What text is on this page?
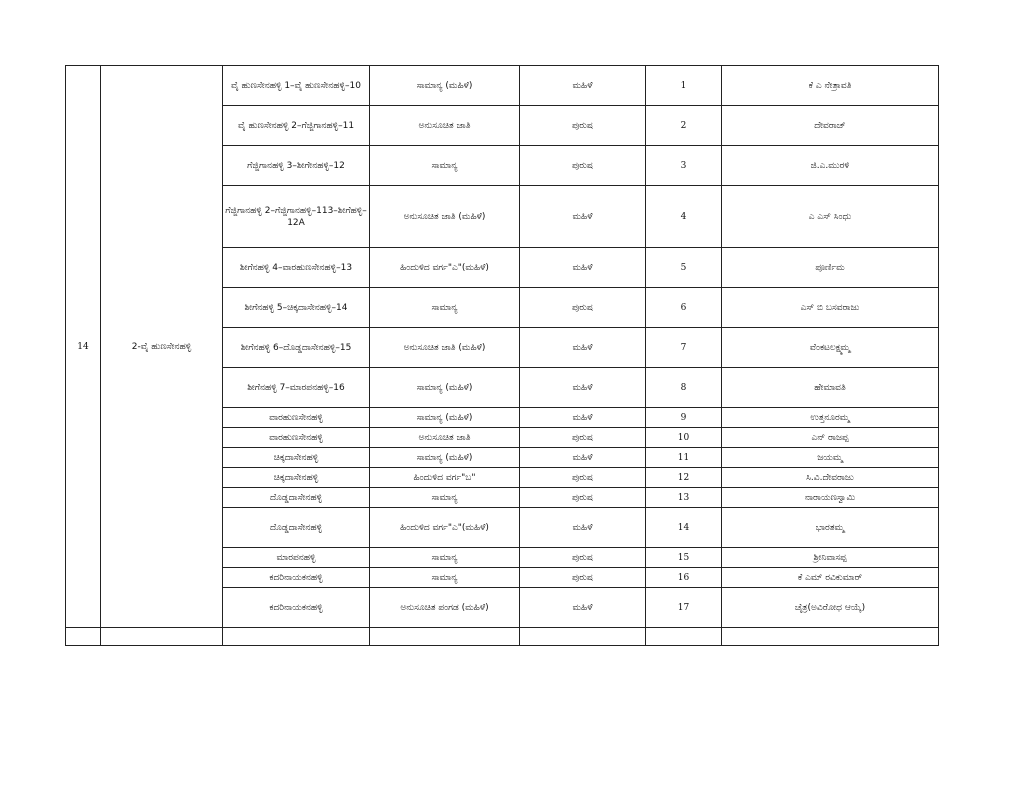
14	2-ವೈ ಹುಣಸೇನಹಳ್ಳಿ	ವೈ ಹುಣಸೇನಹಳ್ಳಿ 1–ವೈ ಹುಣಸೇನಹಳ್ಳಿ–10	ಸಾಮಾನ್ಯ (ಮಹಿಳೆ)	ಮಹಿಳೆ	1	ಕೆ ಎ ನೇತ್ರಾವತಿ
		ವೈ ಹುಣಸೇನಹಳ್ಳಿ 2–ಗೆಜ್ಜಿಗಾನಹಳ್ಳಿ–11	ಅನುಸೂಚಿತ ಜಾತಿ	ಪುರುಷ	2	ದೇವರಾಜ್
		ಗೆಜ್ಜಿಗಾನಹಳ್ಳಿ 3–ಶೀಗೇನಹಳ್ಳಿ–12	ಸಾಮಾನ್ಯ	ಪುರುಷ	3	ಜಿ.ಎ.ಮುರಳಿ
		ಗೆಜ್ಜಿಗಾನಹಳ್ಳಿ 2–ಗೆಜ್ಜಿಗಾನಹಳ್ಳಿ–113–ಶೀಗೆಹಳ್ಳಿ–12A	ಅನುಸೂಚಿತ ಜಾತಿ (ಮಹಿಳೆ)	ಮಹಿಳೆ	4	ಎ ಎಸ್ ಸಿಂಧು
		ಶೀಗೆನಹಳ್ಳಿ 4–ವಾರಹುಣಸೇನಹಳ್ಳಿ–13	ಹಿಂದುಳಿದ ವರ್ಗ"ಎ"(ಮಹಿಳೆ)	ಮಹಿಳೆ	5	ಪೂರ್ಣಿಮ
		ಶೀಗೆನಹಳ್ಳಿ 5–ಚಿಕ್ಕದಾಸೇನಹಳ್ಳಿ–14	ಸಾಮಾನ್ಯ	ಪುರುಷ	6	ಎಸ್ ಬಿ ಬಸವರಾಜು
		ಶೀಗೆನಹಳ್ಳಿ 6–ದೊಡ್ಡದಾಸೇನಹಳ್ಳಿ–15	ಅನುಸೂಚಿತ ಜಾತಿ (ಮಹಿಳೆ)	ಮಹಿಳೆ	7	ವೆಂಕಟಲಕ್ಷ್ಮಮ್ಮ
		ಶೀಗೆನಹಳ್ಳಿ 7–ಮಾರಪನಹಳ್ಳಿ–16	ಸಾಮಾನ್ಯ (ಮಹಿಳೆ)	ಮಹಿಳೆ	8	ಹೇಮಾವತಿ
		ವಾರಹುಣಸೇನಹಳ್ಳಿ	ಸಾಮಾನ್ಯ (ಮಹಿಳೆ)	ಮಹಿಳೆ	9	ಉತ್ತನೂರಮ್ಮ
		ವಾರಹುಣಸೇನಹಳ್ಳಿ	ಅನುಸೂಚಿತ ಜಾತಿ	ಪುರುಷ	10	ಎನ್ ರಾಜಪ್ಪ
		ಚಿಕ್ಕದಾಸೇನಹಳ್ಳಿ	ಸಾಮಾನ್ಯ (ಮಹಿಳೆ)	ಮಹಿಳೆ	11	ಜಯಮ್ಮ
		ಚಿಕ್ಕದಾಸೇನಹಳ್ಳಿ	ಹಿಂದುಳಿದ ವರ್ಗ"ಬ"	ಪುರುಷ	12	ಸಿ.ವಿ.ದೇವರಾಜು
		ದೊಡ್ಡದಾಸೇನಹಳ್ಳಿ	ಸಾಮಾನ್ಯ	ಪುರುಷ	13	ನಾರಾಯಣಸ್ವಾಮಿ
		ದೊಡ್ಡದಾಸೇನಹಳ್ಳಿ	ಹಿಂದುಳಿದ ವರ್ಗ"ಎ"(ಮಹಿಳೆ)	ಮಹಿಳೆ	14	ಭಾರತಮ್ಮ
		ಮಾರಪನಹಳ್ಳಿ	ಸಾಮಾನ್ಯ	ಪುರುಷ	15	ಶ್ರೀನಿವಾಸಪ್ಪ
		ಕದರಿನಾಯಕನಹಳ್ಳಿ	ಸಾಮಾನ್ಯ	ಪುರುಷ	16	ಕೆ ಎಮ್ ರವಿಕುಮಾರ್
		ಕದರಿನಾಯಕನಹಳ್ಳಿ	ಅನುಸೂಚಿತ ಪಂಗಡ (ಮಹಿಳೆ)	ಮಹಿಳೆ	17	ಚೈತ್ರ(ಅವಿರೋಧ ಆಯ್ಕೆ)
